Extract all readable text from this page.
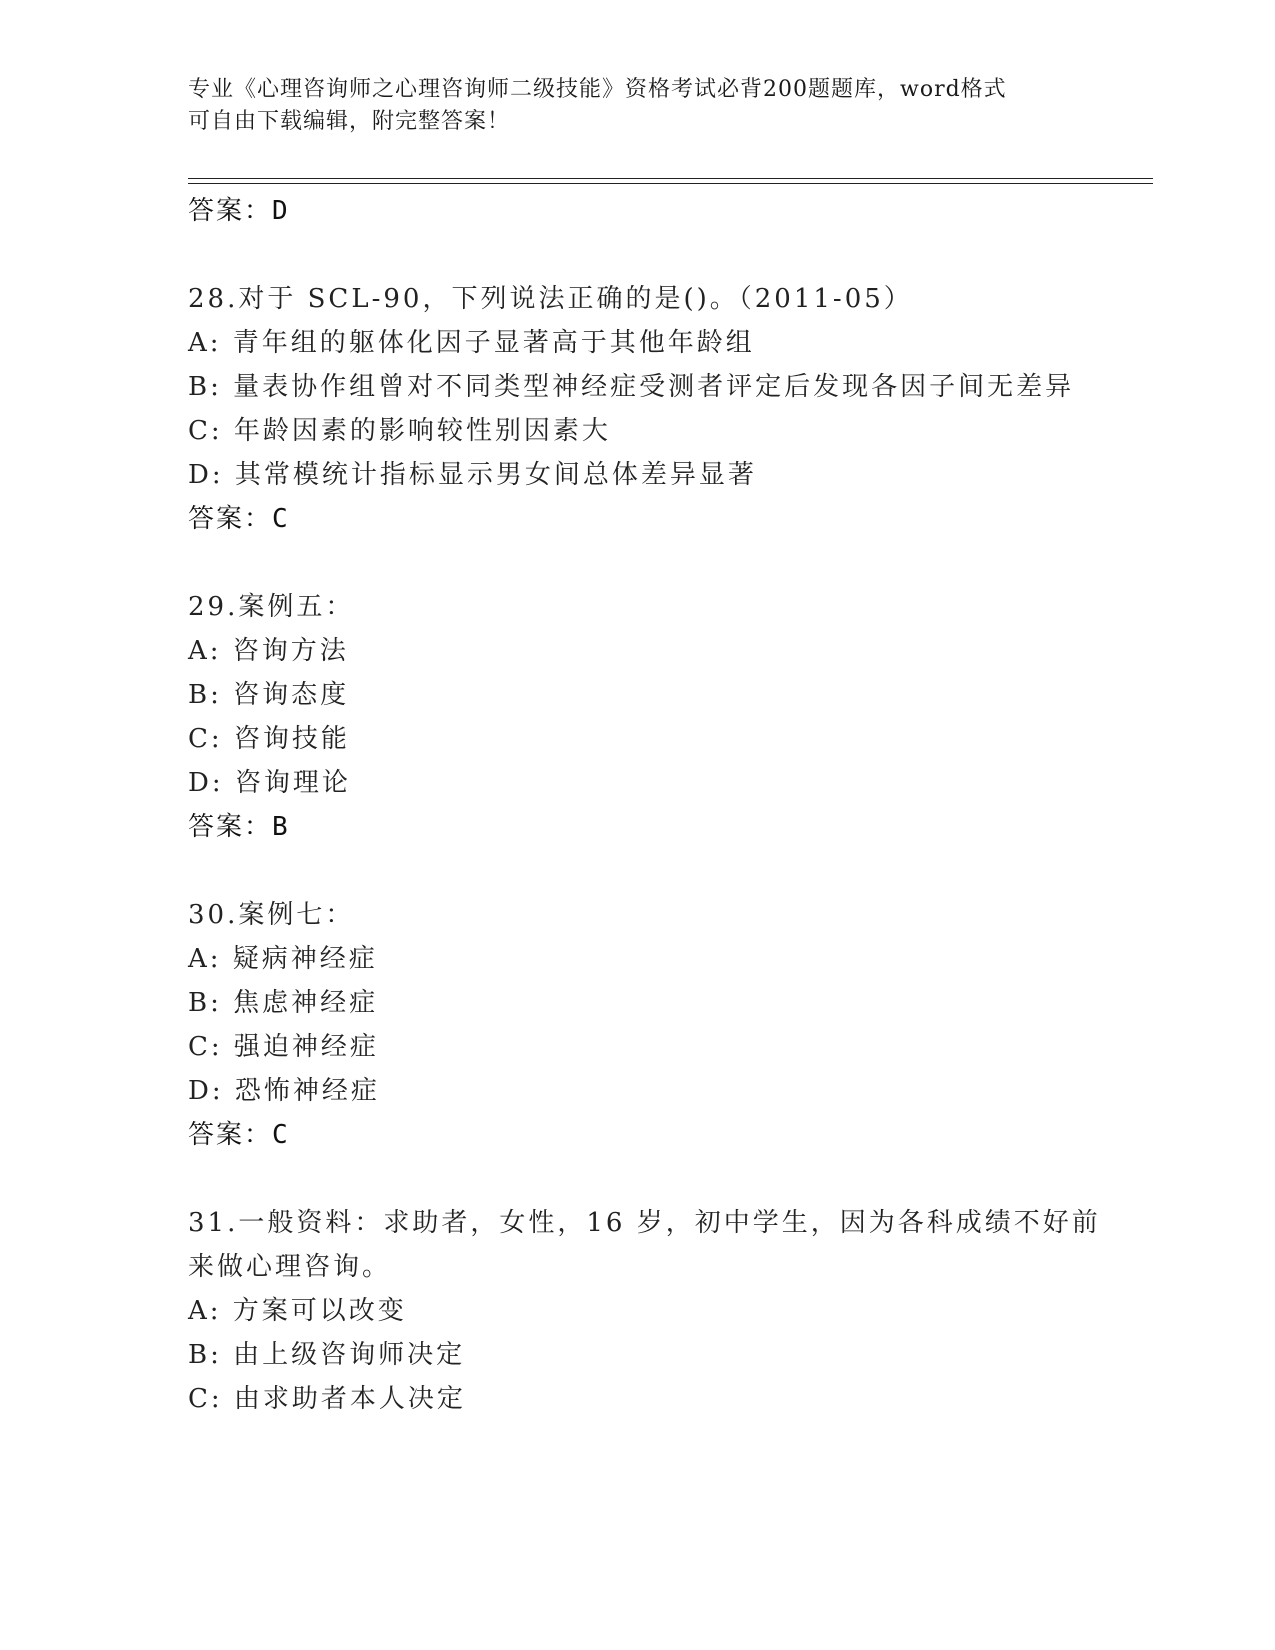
专业《心理咨询师之心理咨询师二级技能》资格考试必背200题题库，word格式
可自由下载编辑，附完整答案！
答案：D
28.对于 SCL-90，下列说法正确的是()。（2011-05）
A: 青年组的躯体化因子显著高于其他年龄组
B: 量表协作组曾对不同类型神经症受测者评定后发现各因子间无差异
C: 年龄因素的影响较性别因素大
D: 其常模统计指标显示男女间总体差异显著
答案：C
29.案例五：
A: 咨询方法
B: 咨询态度
C: 咨询技能
D: 咨询理论
答案：B
30.案例七：
A: 疑病神经症
B: 焦虑神经症
C: 强迫神经症
D: 恐怖神经症
答案：C
31.一般资料：求助者，女性，16 岁，初中学生，因为各科成绩不好前
来做心理咨询。
A: 方案可以改变
B: 由上级咨询师决定
C: 由求助者本人决定
